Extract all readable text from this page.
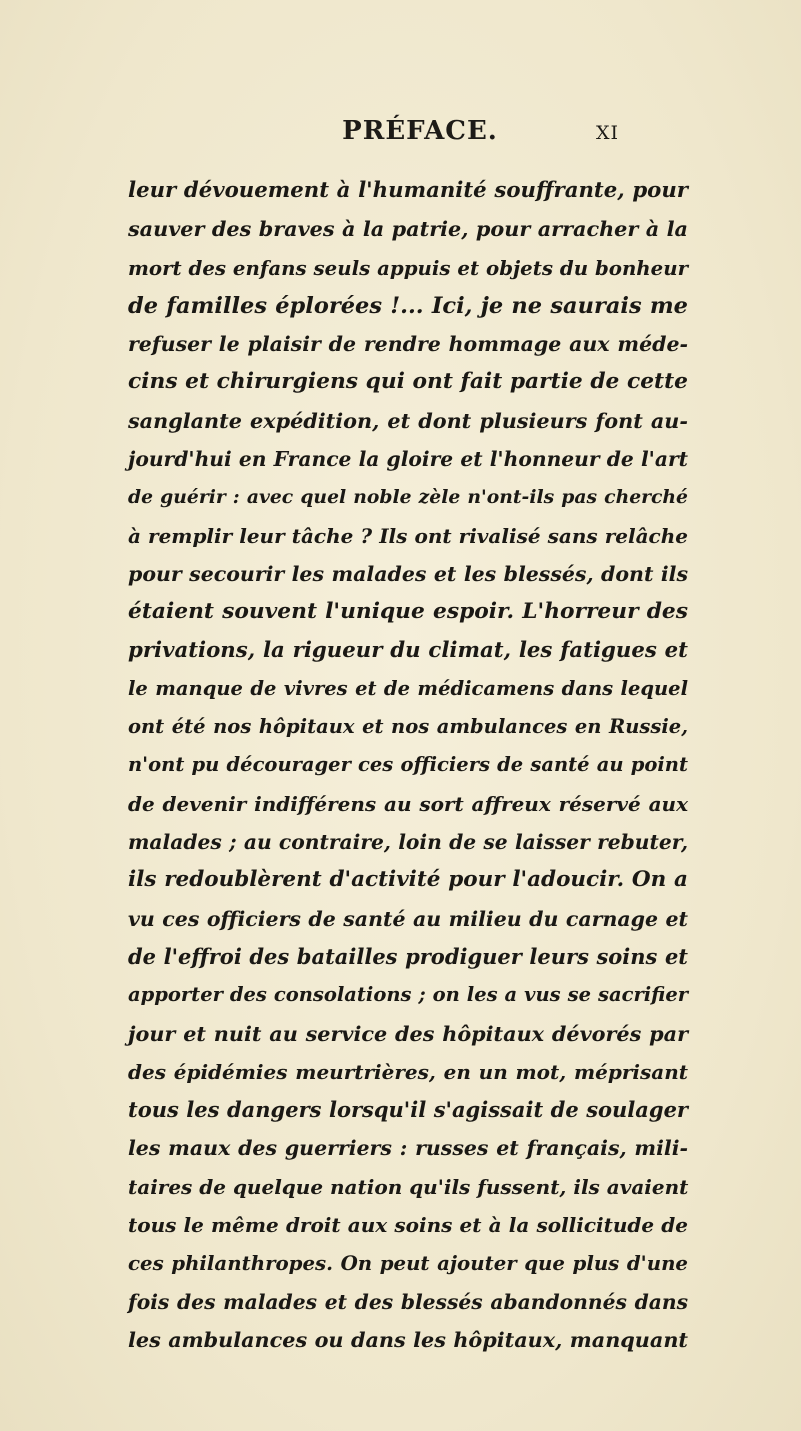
PRÉFACE.	XI
leur dévouement à l'humanité souffrante, pour
sauver des braves à la patrie, pour arracher à la
mort des enfans seuls appuis et objets du bonheur
de familles éplorées !... Ici, je ne saurais me
refuser le plaisir de rendre hommage aux méde-
cins et chirurgiens qui ont fait partie de cette
sanglante expédition, et dont plusieurs font au-
jourd'hui en France la gloire et l'honneur de l'art
de guérir : avec quel noble zèle n'ont-ils pas cherché
à remplir leur tâche ? Ils ont rivalisé sans relâche
pour secourir les malades et les blessés, dont ils
étaient souvent l'unique espoir. L'horreur des
privations, la rigueur du climat, les fatigues et
le manque de vivres et de médicamens dans lequel
ont été nos hôpitaux et nos ambulances en Russie,
n'ont pu décourager ces officiers de santé au point
de devenir indifférens au sort affreux réservé aux
malades ; au contraire, loin de se laisser rebuter,
ils redoublèrent d'activité pour l'adoucir. On a
vu ces officiers de santé au milieu du carnage et
de l'effroi des batailles prodiguer leurs soins et
apporter des consolations ; on les a vus se sacrifier
jour et nuit au service des hôpitaux dévorés par
des épidémies meurtrières, en un mot, méprisant
tous les dangers lorsqu'il s'agissait de soulager
les maux des guerriers : russes et français, mili-
taires de quelque nation qu'ils fussent, ils avaient
tous le même droit aux soins et à la sollicitude de
ces philanthropes. On peut ajouter que plus d'une
fois des malades et des blessés abandonnés dans
les ambulances ou dans les hôpitaux, manquant
